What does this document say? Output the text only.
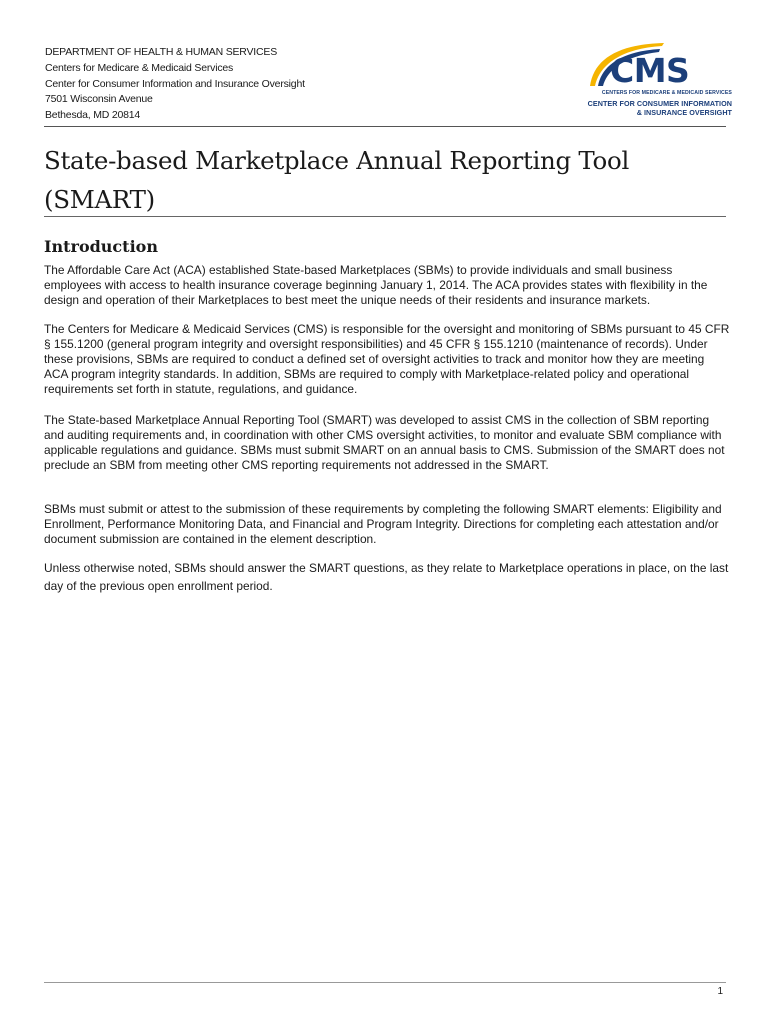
DEPARTMENT OF HEALTH & HUMAN SERVICES
Centers for Medicare & Medicaid Services
Center for Consumer Information and Insurance Oversight
7501 Wisconsin Avenue
Bethesda, MD 20814
CMS
CENTERS FOR MEDICARE & MEDICAID SERVICES
CENTER FOR CONSUMER INFORMATION
& INSURANCE OVERSIGHT
State-based Marketplace Annual Reporting Tool
(SMART)
Introduction

The Affordable Care Act (ACA) established State-based Marketplaces (SBMs) to provide individuals and small business employees with access to health insurance coverage beginning January 1, 2014. The ACA provides states with flexibility in the design and operation of their Marketplaces to best meet the unique needs of their residents and insurance markets.

The Centers for Medicare & Medicaid Services (CMS) is responsible for the oversight and monitoring of SBMs pursuant to 45 CFR § 155.1200 (general program integrity and oversight responsibilities) and 45 CFR § 155.1210 (maintenance of records). Under these provisions, SBMs are required to conduct a defined set of oversight activities to track and monitor how they are meeting ACA program integrity standards. In addition, SBMs are required to comply with Marketplace-related policy and operational requirements set forth in statute, regulations, and guidance.

The State-based Marketplace Annual Reporting Tool (SMART) was developed to assist CMS in the collection of SBM reporting and auditing requirements and, in coordination with other CMS oversight activities, to monitor and evaluate SBM compliance with applicable regulations and guidance. SBMs must submit SMART on an annual basis to CMS. Submission of the SMART does not preclude an SBM from meeting other CMS reporting requirements not addressed in the SMART.

SBMs must submit or attest to the submission of these requirements by completing the following SMART elements: Eligibility and Enrollment, Performance Monitoring Data, and Financial and Program Integrity. Directions for completing each attestation and/or document submission are contained in the element description.

Unless otherwise noted, SBMs should answer the SMART questions, as they relate to Marketplace operations in place, on the last day of the previous open enrollment period.

1
